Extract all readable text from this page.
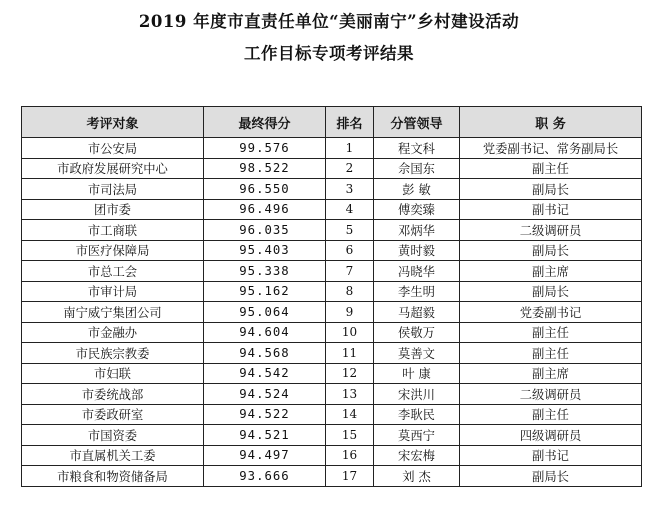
2019 年度市直责任单位“美丽南宁”乡村建设活动
工作目标专项考评结果
考评对象	最终得分	排名	分管领导	职 务
市公安局	99.576	1	程文科	党委副书记、常务副局长
市政府发展研究中心	98.522	2	佘国东	副主任
市司法局	96.550	3	彭 敏	副局长
团市委	96.496	4	傅奕臻	副书记
市工商联	96.035	5	邓炳华	二级调研员
市医疗保障局	95.403	6	黄时毅	副局长
市总工会	95.338	7	冯晓华	副主席
市审计局	95.162	8	李生明	副局长
南宁威宁集团公司	95.064	9	马超毅	党委副书记
市金融办	94.604	10	侯敬万	副主任
市民族宗教委	94.568	11	莫善文	副主任
市妇联	94.542	12	叶 康	副主席
市委统战部	94.524	13	宋洪川	二级调研员
市委政研室	94.522	14	李耿民	副主任
市国资委	94.521	15	莫西宁	四级调研员
市直属机关工委	94.497	16	宋宏梅	副书记
市粮食和物资储备局	93.666	17	刘 杰	副局长
